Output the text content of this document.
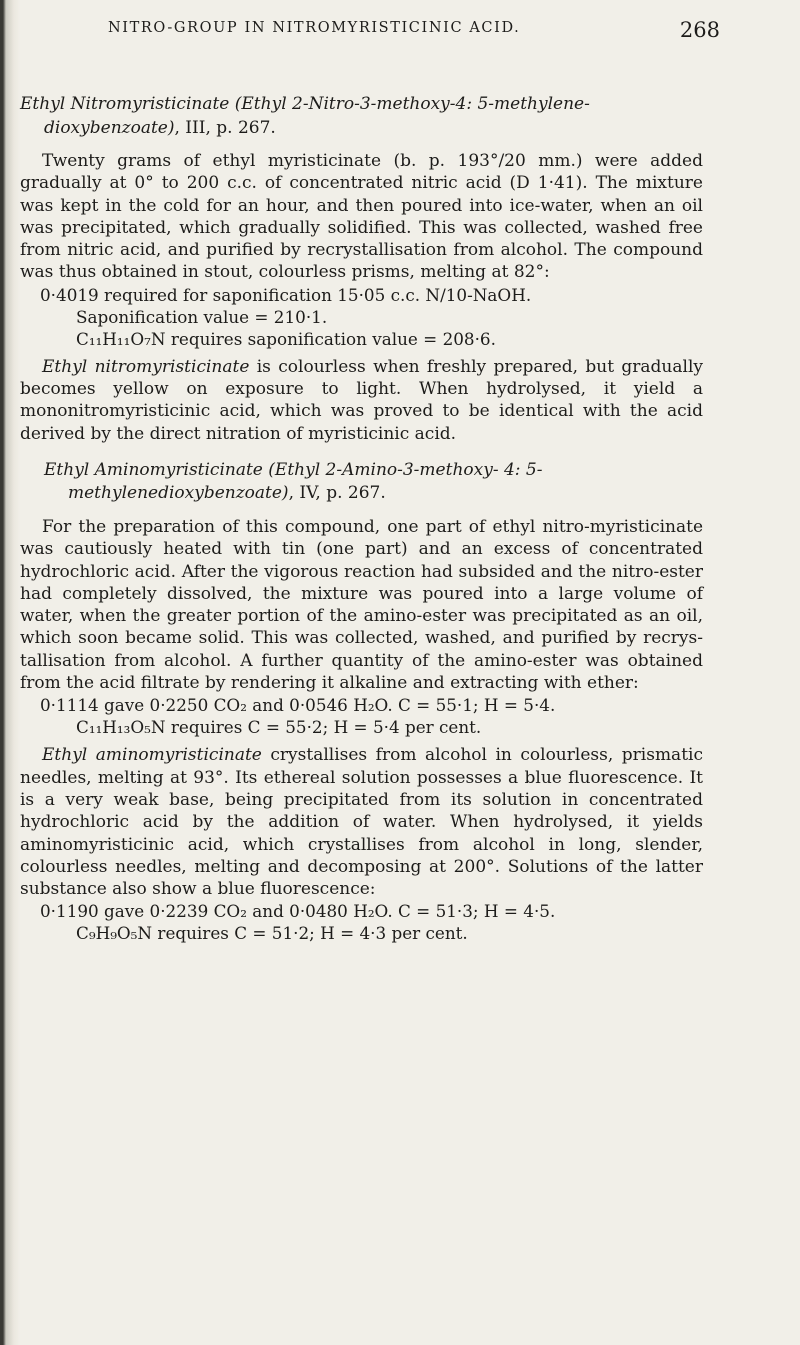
NITRO-GROUP IN NITROMYRISTICINIC ACID.	268

Ethyl Nitromyristicinate (Ethyl 2-Nitro-3-methoxy-4: 5-methylene- dioxybenzoate), III, p. 267.

Twenty grams of ethyl myristicinate (b. p. 193°/20 mm.) were added gradually at 0° to 200 c.c. of concentrated nitric acid (D 1·41). The mixture was kept in the cold for an hour, and then poured into ice-water, when an oil was precipitated, which gradually solidified. This was collected, washed free from nitric acid, and purified by recrystallisation from alcohol. The compound was thus obtained in stout, colourless prisms, melting at 82°:

0·4019 required for saponification 15·05 c.c. N/10-NaOH.
Saponification value = 210·1.
C₁₁H₁₁O₇N requires saponification value = 208·6.

Ethyl nitromyristicinate is colourless when freshly prepared, but gradually becomes yellow on exposure to light. When hydrolysed, it yield a mononitromyristicinic acid, which was proved to be identical with the acid derived by the direct nitration of myristicinic acid.

Ethyl Aminomyristicinate (Ethyl 2-Amino-3-methoxy- 4: 5-methylenedioxybenzoate), IV, p. 267.

For the preparation of this compound, one part of ethyl nitro-myristicinate was cautiously heated with tin (one part) and an excess of concentrated hydrochloric acid. After the vigorous reaction had subsided and the nitro-ester had completely dissolved, the mixture was poured into a large volume of water, when the greater portion of the amino-ester was precipitated as an oil, which soon became solid. This was collected, washed, and purified by recrys-tallisation from alcohol. A further quantity of the amino-ester was obtained from the acid filtrate by rendering it alkaline and extracting with ether:

0·1114 gave 0·2250 CO₂ and 0·0546 H₂O. C = 55·1; H = 5·4.
C₁₁H₁₃O₅N requires C = 55·2; H = 5·4 per cent.

Ethyl aminomyristicinate crystallises from alcohol in colourless, prismatic needles, melting at 93°. Its ethereal solution possesses a blue fluorescence. It is a very weak base, being precipitated from its solution in concentrated hydrochloric acid by the addition of water. When hydrolysed, it yields aminomyristicinic acid, which crystallises from alcohol in long, slender, colourless needles, melting and decomposing at 200°. Solutions of the latter substance also show a blue fluorescence:

0·1190 gave 0·2239 CO₂ and 0·0480 H₂O. C = 51·3; H = 4·5.
C₉H₉O₅N requires C = 51·2; H = 4·3 per cent.
